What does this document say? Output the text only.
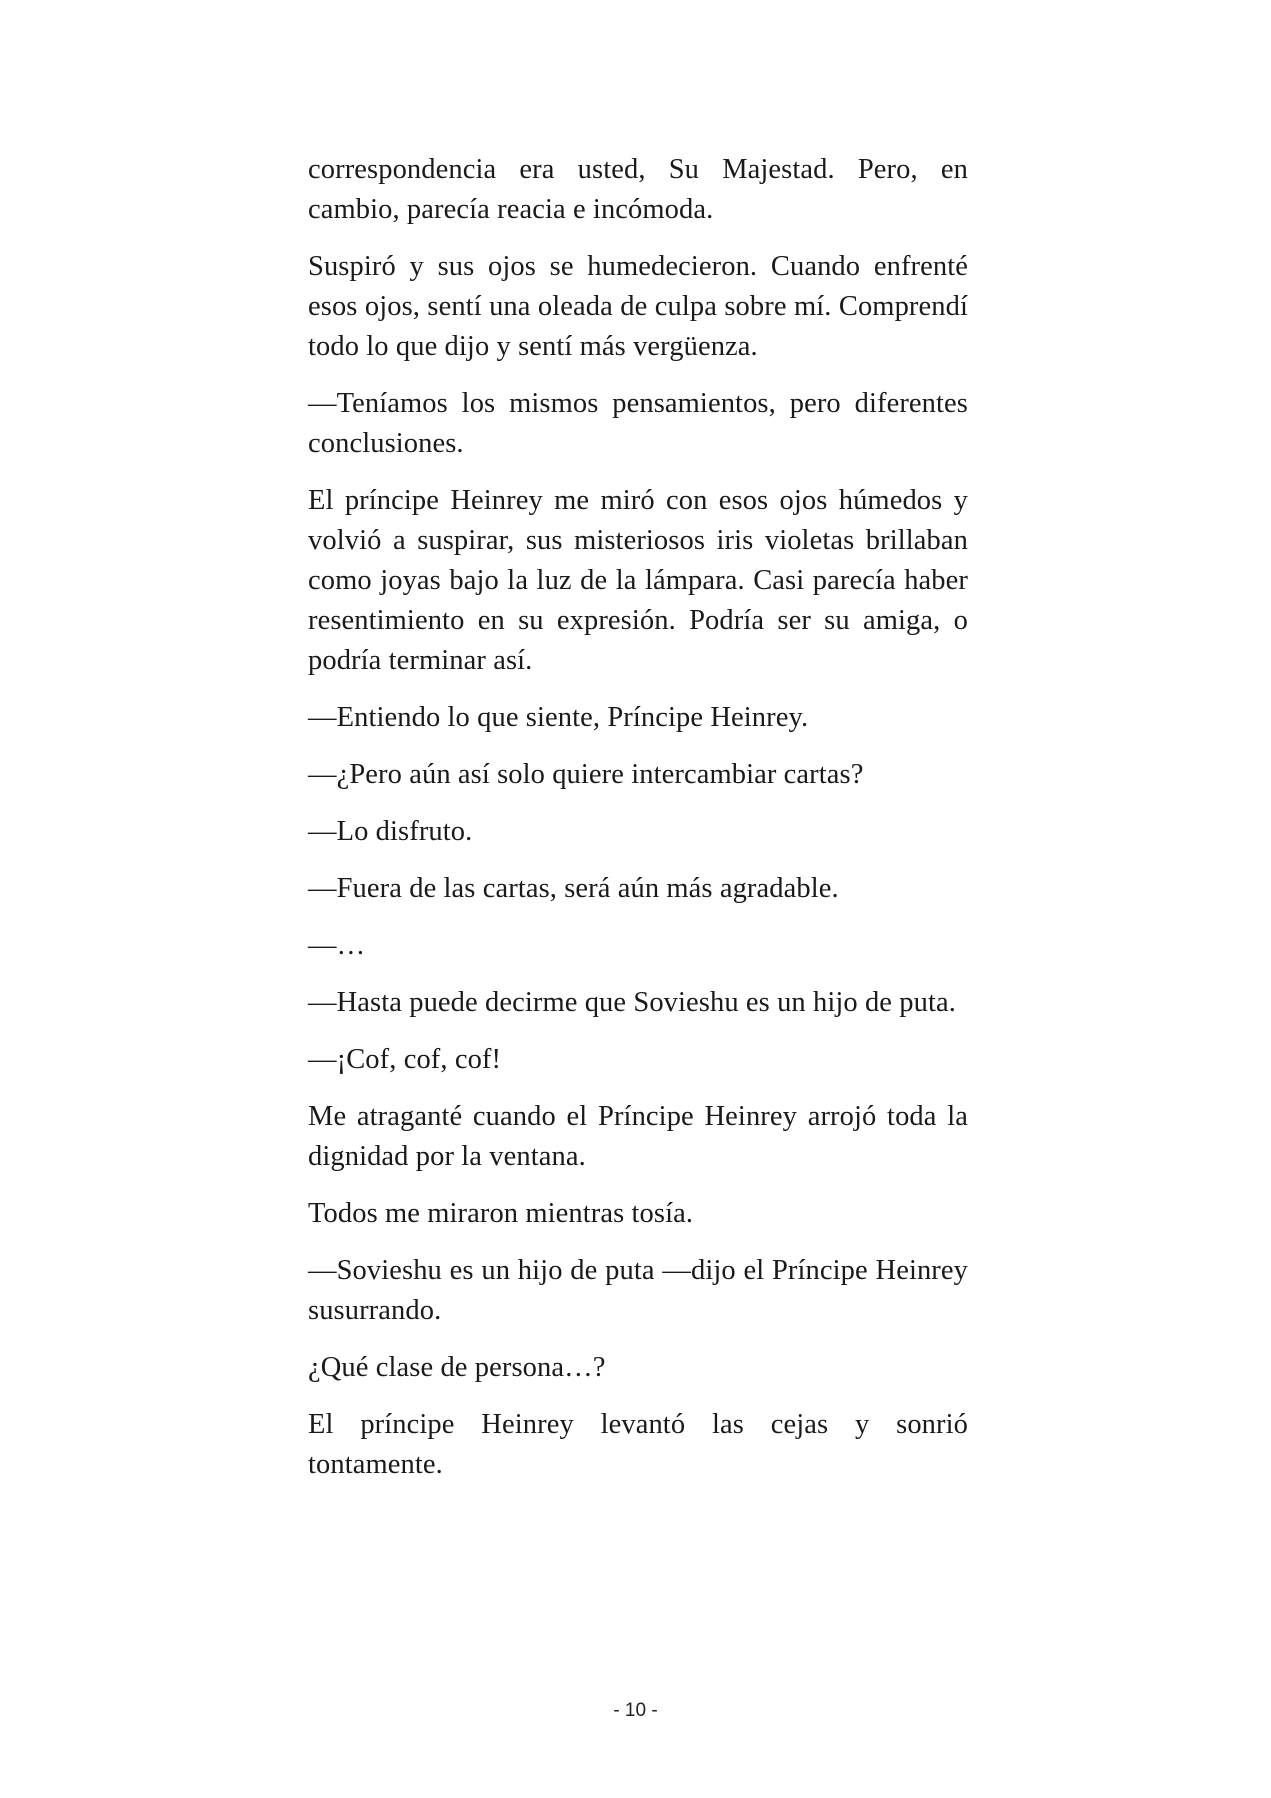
correspondencia era usted, Su Majestad. Pero, en cambio, parecía reacia e incómoda.

Suspiró y sus ojos se humedecieron. Cuando enfrenté esos ojos, sentí una oleada de culpa sobre mí. Comprendí todo lo que dijo y sentí más vergüenza.

—Teníamos los mismos pensamientos, pero diferentes conclusiones.

El príncipe Heinrey me miró con esos ojos húmedos y volvió a suspirar, sus misteriosos iris violetas brillaban como joyas bajo la luz de la lámpara. Casi parecía haber resentimiento en su expresión. Podría ser su amiga, o podría terminar así.

—Entiendo lo que siente, Príncipe Heinrey.

—¿Pero aún así solo quiere intercambiar cartas?

—Lo disfruto.

—Fuera de las cartas, será aún más agradable.

—…

—Hasta puede decirme que Sovieshu es un hijo de puta.

—¡Cof, cof, cof!

Me atraganté cuando el Príncipe Heinrey arrojó toda la dignidad por la ventana.

Todos me miraron mientras tosía.

—Sovieshu es un hijo de puta —dijo el Príncipe Heinrey susurrando.

¿Qué clase de persona…?

El príncipe Heinrey levantó las cejas y sonrió tontamente.

- 10 -
